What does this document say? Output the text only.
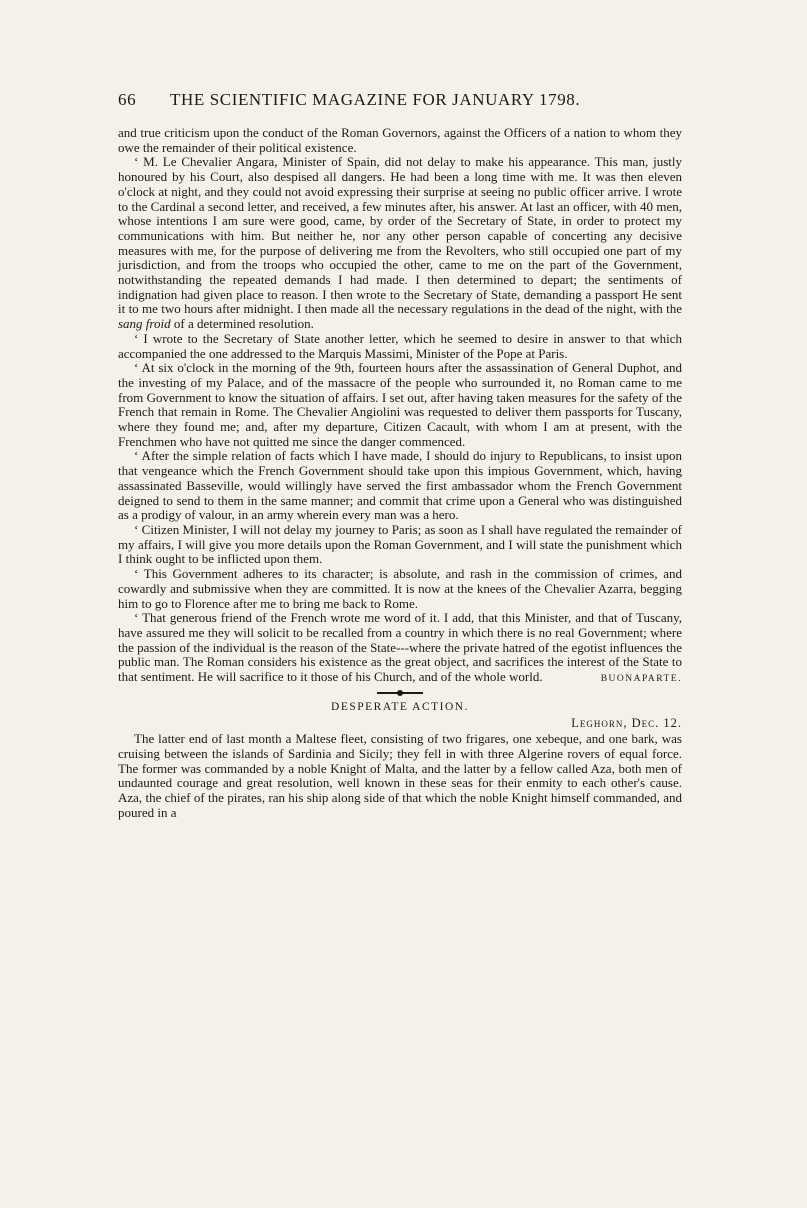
66 THE SCIENTIFIC MAGAZINE FOR JANUARY 1798.

and true criticism upon the conduct of the Roman Governors, against the Officers of a nation to whom they owe the remainder of their political existence.

‘ M. Le Chevalier Angara, Minister of Spain, did not delay to make his appearance. This man, justly honoured by his Court, also despised all dangers. He had been a long time with me. It was then eleven o'clock at night, and they could not avoid expressing their surprise at seeing no public officer arrive. I wrote to the Cardinal a second letter, and received, a few minutes after, his answer. At last an officer, with 40 men, whose intentions I am sure were good, came, by order of the Secretary of State, in order to protect my communications with him. But neither he, nor any other person capable of concerting any decisive measures with me, for the purpose of delivering me from the Revolters, who still occupied one part of my jurisdiction, and from the troops who occupied the other, came to me on the part of the Government, notwithstanding the repeated demands I had made. I then determined to depart; the sentiments of indignation had given place to reason. I then wrote to the Secretary of State, demanding a passport He sent it to me two hours after midnight. I then made all the necessary regulations in the dead of the night, with the sang froid of a determined resolution.

‘ I wrote to the Secretary of State another letter, which he seemed to desire in answer to that which accompanied the one addressed to the Marquis Massimi, Minister of the Pope at Paris.

‘ At six o'clock in the morning of the 9th, fourteen hours after the assassination of General Duphot, and the investing of my Palace, and of the massacre of the people who surrounded it, no Roman came to me from Government to know the situation of affairs. I set out, after having taken measures for the safety of the French that remain in Rome. The Chevalier Angiolini was requested to deliver them passports for Tuscany, where they found me; and, after my departure, Citizen Cacault, with whom I am at present, with the Frenchmen who have not quitted me since the danger commenced.

‘ After the simple relation of facts which I have made, I should do injury to Republicans, to insist upon that vengeance which the French Government should take upon this impious Government, which, having assassinated Basseville, would willingly have served the first ambassador whom the French Government deigned to send to them in the same manner; and commit that crime upon a General who was distinguished as a prodigy of valour, in an army wherein every man was a hero.

‘ Citizen Minister, I will not delay my journey to Paris; as soon as I shall have regulated the remainder of my affairs, I will give you more details upon the Roman Government, and I will state the punishment which I think ought to be inflicted upon them.

‘ This Government adheres to its character; is absolute, and rash in the commission of crimes, and cowardly and submissive when they are committed. It is now at the knees of the Chevalier Azarra, begging him to go to Florence after me to bring me back to Rome.

‘ That generous friend of the French wrote me word of it. I add, that this Minister, and that of Tuscany, have assured me they will solicit to be recalled from a country in which there is no real Government; where the passion of the individual is the reason of the State---where the private hatred of the egotist influences the public man. The Roman considers his existence as the great object, and sacrifices the interest of the State to that sentiment. He will sacrifice to it those of his Church, and of the whole world.	BUONAPARTE.

DESPERATE ACTION.
Leghorn, Dec. 12.

The latter end of last month a Maltese fleet, consisting of two frigares, one xebeque, and one bark, was cruising between the islands of Sardinia and Sicily; they fell in with three Algerine rovers of equal force. The former was commanded by a noble Knight of Malta, and the latter by a fellow called Aza, both men of undaunted courage and great resolution, well known in these seas for their enmity to each other's cause. Aza, the chief of the pirates, ran his ship along side of that which the noble Knight himself commanded, and poured in a
